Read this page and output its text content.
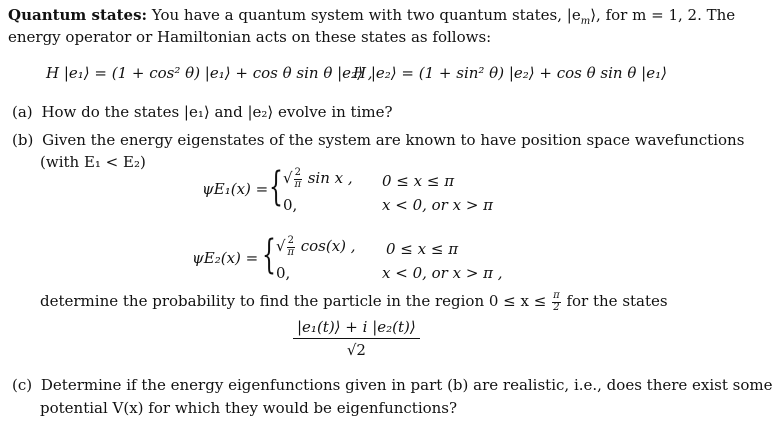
Quantum states: You have a quantum system with two quantum states, $|e_m⟩$, for m = 1, 2. The
energy operator or Hamiltonian acts on these states as follows:
H |e₁⟩ = (1 + cos² θ) |e₁⟩ + cos θ sin θ |e₂⟩ ,
H |e₂⟩ = (1 + sin² θ) |e₂⟩ + cos θ sin θ |e₁⟩
(a) How do the states |e₁⟩ and |e₂⟩ evolve in time?
(b) Given the energy eigenstates of the system are known to have position space wavefunctions
(with E₁ < E₂)
ψE₁(x) = { √ $\frac{2}{\pi}$ sin x , 0 ≤ x ≤ π
0,	x < 0, or x > π
ψE₂(x) = { √ $\frac{2}{\pi} \cos(x)$ , 0 ≤ x ≤ π
0,	x < 0, or x > π ,
determine the probability to find the particle in the region $0 \le x \le \frac{\pi}{2}$ for the states
$\frac{\text{|e₁(t)⟩ + i |e₂(t)⟩}}{√2}$
(c) Determine if the energy eigenfunctions given in part (b) are realistic, i.e., does there exist some
potential V(x) for which they would be eigenfunctions?
